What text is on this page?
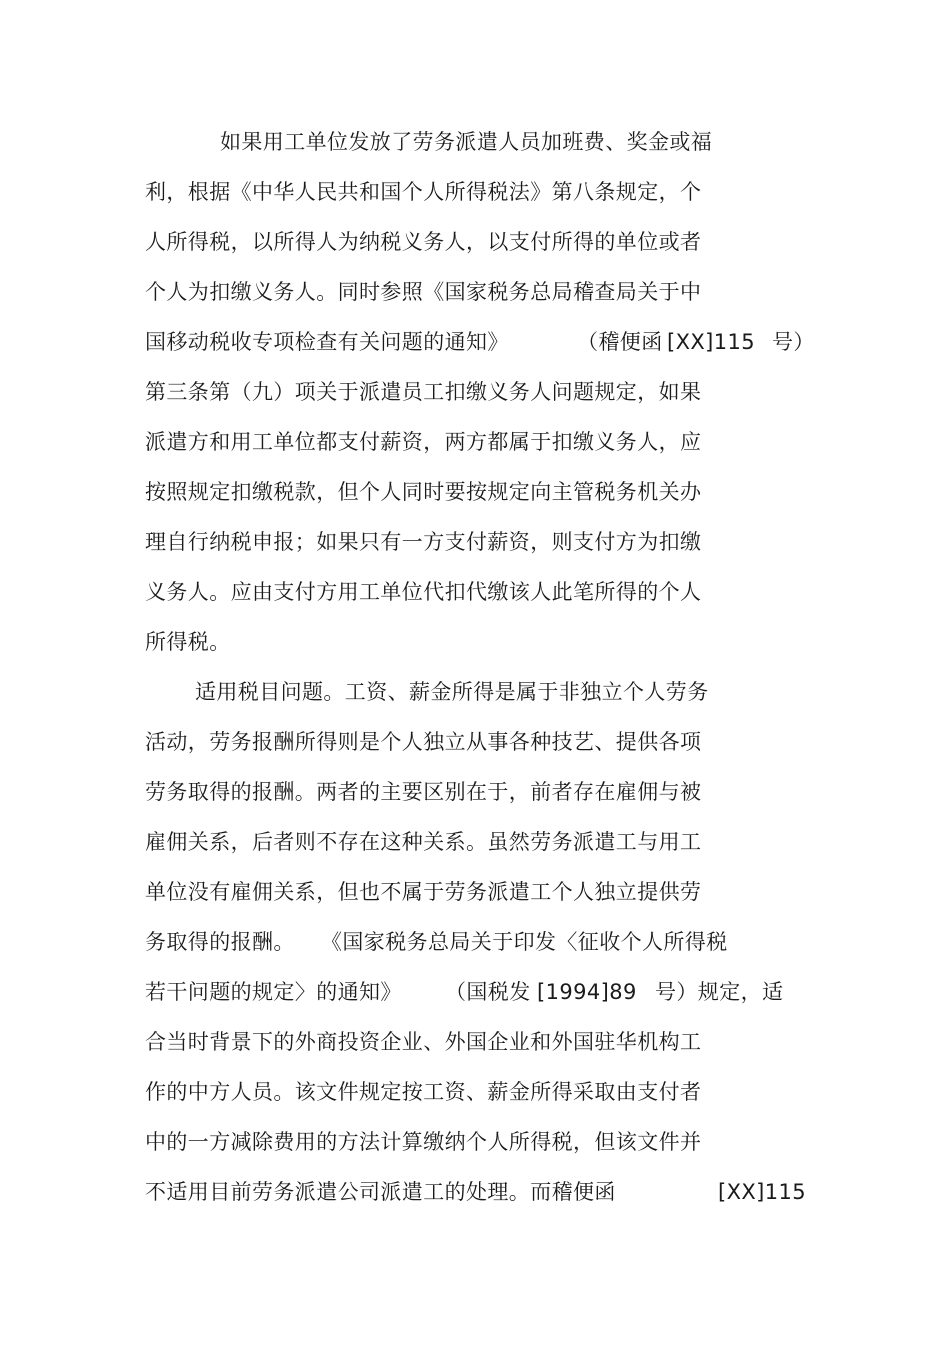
如果用工单位发放了劳务派遣人员加班费、奖金或福
利，根据《中华人民共和国个人所得税法》第八条规定，个
人所得税，以所得人为纳税义务人，以支付所得的单位或者
个人为扣缴义务人。同时参照《国家税务总局稽查局关于中
国移动税收专项检查有关问题的通知》	（稽便函 [XX]115 号）
第三条第（九）项关于派遣员工扣缴义务人问题规定，如果
派遣方和用工单位都支付薪资，两方都属于扣缴义务人，应
按照规定扣缴税款，但个人同时要按规定向主管税务机关办
理自行纳税申报；如果只有一方支付薪资，则支付方为扣缴
义务人。应由支付方用工单位代扣代缴该人此笔所得的个人
所得税。
适用税目问题。工资、薪金所得是属于非独立个人劳务
活动，劳务报酬所得则是个人独立从事各种技艺、提供各项
劳务取得的报酬。两者的主要区别在于，前者存在雇佣与被
雇佣关系，后者则不存在这种关系。虽然劳务派遣工与用工
单位没有雇佣关系，但也不属于劳务派遣工个人独立提供劳
务取得的报酬。 《国家税务总局关于印发〈征收个人所得税
若干问题的规定〉的通知》 （国税发 [1994]89 号）规定，适
合当时背景下的外商投资企业、外国企业和外国驻华机构工
作的中方人员。该文件规定按工资、薪金所得采取由支付者
中的一方减除费用的方法计算缴纳个人所得税，但该文件并
不适用目前劳务派遣公司派遣工的处理。而稽便函	[XX]115
